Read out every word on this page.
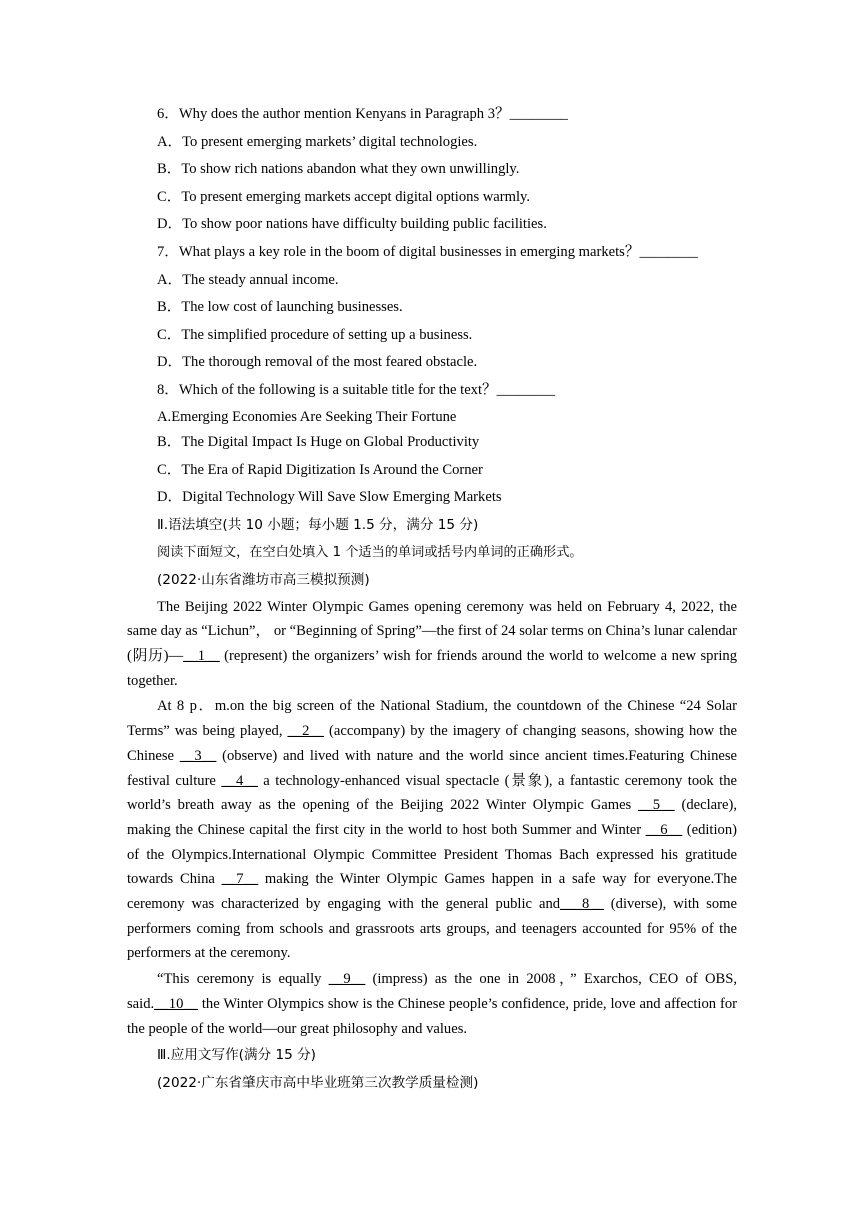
6．Why does the author mention Kenyans in Paragraph 3？________
A．To present emerging markets’ digital technologies.
B．To show rich nations abandon what they own unwillingly.
C．To present emerging markets accept digital options warmly.
D．To show poor nations have difficulty building public facilities.
7．What plays a key role in the boom of digital businesses in emerging markets？________
A．The steady annual income.
B．The low cost of launching businesses.
C．The simplified procedure of setting up a business.
D．The thorough removal of the most feared obstacle.
8．Which of the following is a suitable title for the text？________
A.Emerging Economies Are Seeking Their Fortune
B．The Digital Impact Is Huge on Global Productivity
C．The Era of Rapid Digitization Is Around the Corner
D．Digital Technology Will Save Slow Emerging Markets
Ⅱ.语法填空(共 10 小题；每小题 1.5 分，满分 15 分)
阅读下面短文，在空白处填入 1 个适当的单词或括号内单词的正确形式。
(2022·山东省潍坊市高三模拟预测)

The Beijing 2022 Winter Olympic Games opening ceremony was held on February 4, 2022, the same day as “Lichun”， or “Beginning of Spring”—the first of 24 solar terms on China’s lunar calendar (阴历)—__1__ (represent) the organizers’ wish for friends around the world to welcome a new spring together.

At 8 p．m.on the big screen of the National Stadium, the countdown of the Chinese “24 Solar Terms” was being played, __2__ (accompany) by the imagery of changing seasons, showing how the Chinese __3__ (observe) and lived with nature and the world since ancient times.Featuring Chinese festival culture __4__ a technology-enhanced visual spectacle (景象), a fantastic ceremony took the world’s breath away as the opening of the Beijing 2022 Winter Olympic Games __5__ (declare), making the Chinese capital the first city in the world to host both Summer and Winter __6__ (edition) of the Olympics.International Olympic Committee President Thomas Bach expressed his gratitude towards China __7__ making the Winter Olympic Games happen in a safe way for everyone.The ceremony was characterized by engaging with the general public and___8__ (diverse), with some performers coming from schools and grassroots arts groups, and teenagers accounted for 95% of the performers at the ceremony.

“This ceremony is equally __9__ (impress) as the one in 2008，” Exarchos, CEO of OBS, said.__10__ the Winter Olympics show is the Chinese people’s confidence, pride, love and affection for the people of the world—our great philosophy and values.

Ⅲ.应用文写作(满分 15 分)
(2022·广东省肇庆市高中毕业班第三次教学质量检测)
